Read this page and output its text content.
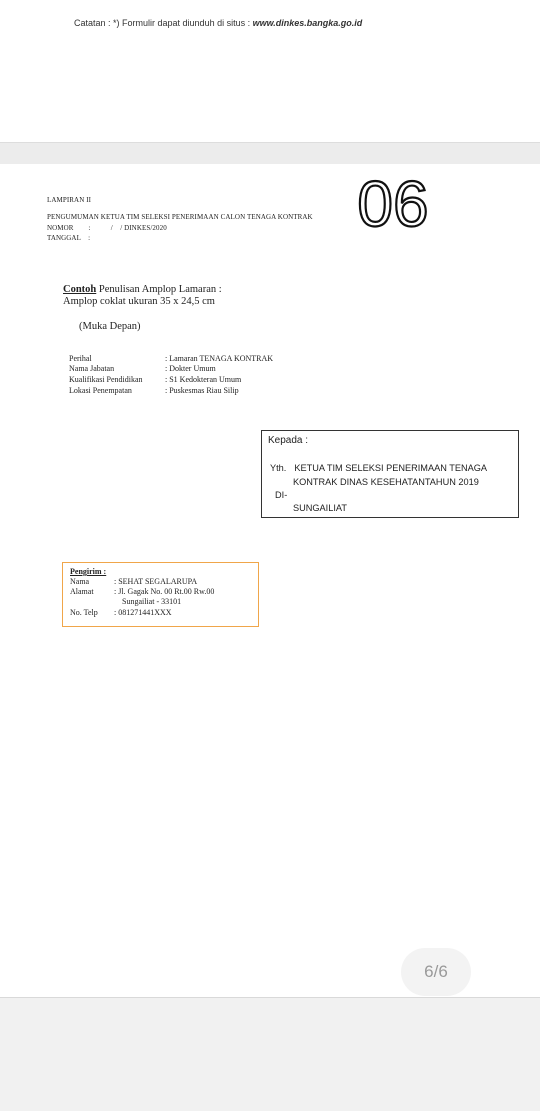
Catatan : *) Formulir dapat diunduh di situs : www.dinkes.bangka.go.id
06
LAMPIRAN II
PENGUMUMAN KETUA TIM SELEKSI PENERIMAAN CALON TENAGA KONTRAK
NOMOR        :           /    / DINKES/2020
TANGGAL    :
Contoh Penulisan Amplop Lamaran :
Amplop coklat ukuran 35 x 24,5 cm
(Muka Depan)
Perihal	: Lamaran TENAGA KONTRAK
Nama Jabatan	: Dokter Umum
Kualifikasi Pendidikan	: S1 Kedokteran Umum
Lokasi Penempatan	: Puskesmas Riau Silip
Kepada :
Yth. KETUA TIM SELEKSI PENERIMAAN TENAGA
KONTRAK DINAS KESEHATANTAHUN 2019
DI-
SUNGAILIAT
Pengirim :
Nama	: SEHAT SEGALARUPA
Alamat	: Jl. Gagak No. 00 Rt.00 Rw.00
Sungailiat - 33101
No. Telp : 081271441XXX
6/6
